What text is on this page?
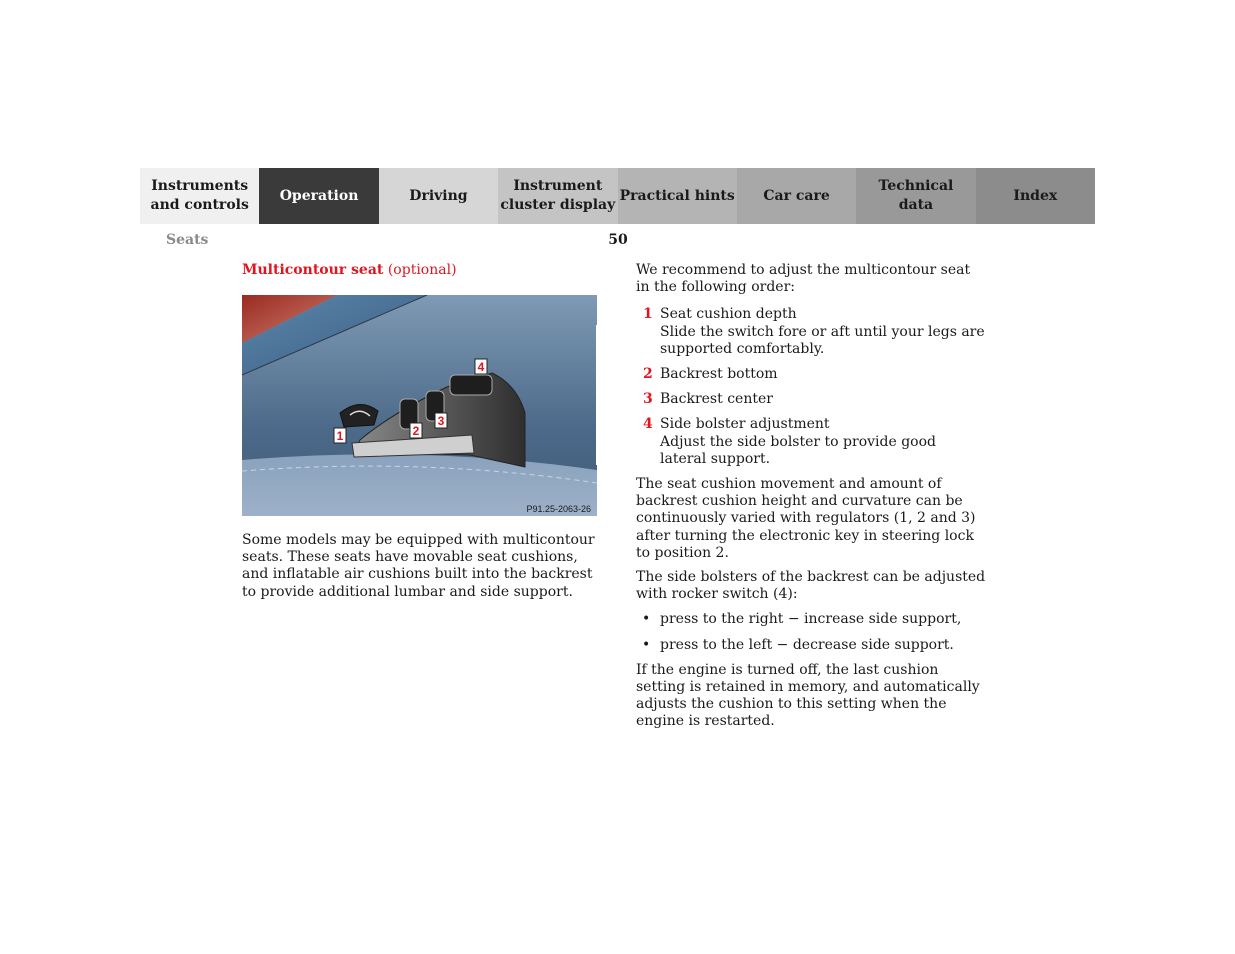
Instruments
and controls
Operation	Driving
Instrument
cluster display
Practical hints	Car care
Technical
data
Index
Seats	50
Multicontour seat (optional)
1	2
3
4
P91.25-2063-26

Some models may be equipped with multicontour seats. These seats have movable seat cushions, and inflatable air cushions built into the backrest to provide additional lumbar and side support.

We recommend to adjust the multicontour seat in the following order:

1 Seat cushion depth
Slide the switch fore or aft until your legs are supported comfortably.
2 Backrest bottom
3 Backrest center
4 Side bolster adjustment
Adjust the side bolster to provide good lateral support.

The seat cushion movement and amount of backrest cushion height and curvature can be continuously varied with regulators (1, 2 and 3) after turning the electronic key in steering lock to position 2.

The side bolsters of the backrest can be adjusted with rocker switch (4):

• press to the right − increase side support,
• press to the left − decrease side support.

If the engine is turned off, the last cushion setting is retained in memory, and automatically adjusts the cushion to this setting when the engine is restarted.
